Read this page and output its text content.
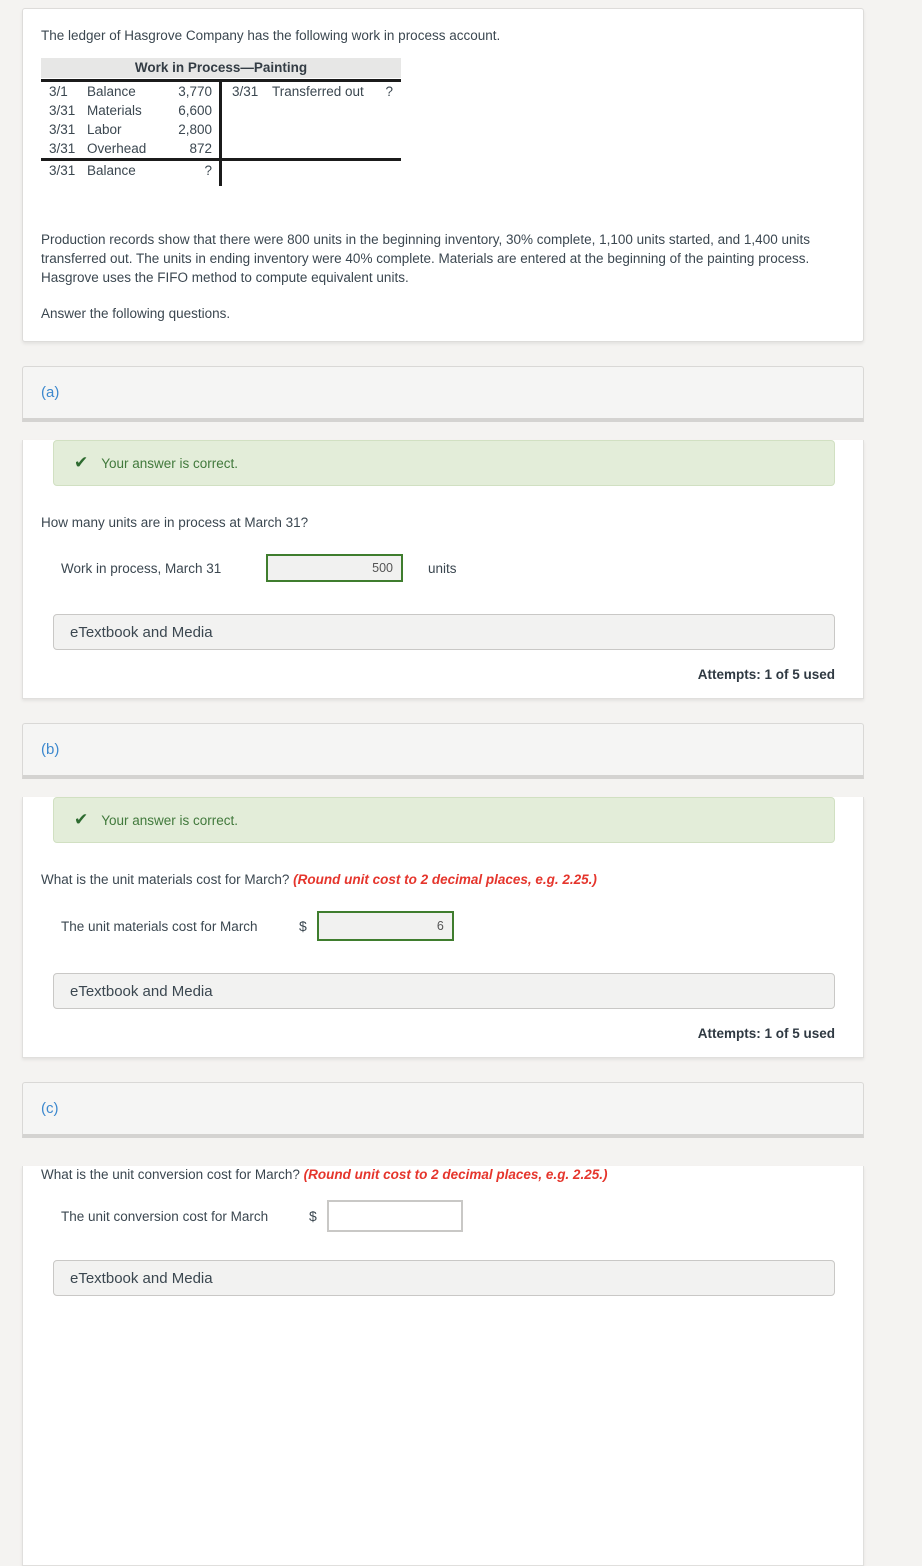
The ledger of Hasgrove Company has the following work in process account.

Work in Process—Painting
3/1	Balance	3,770
3/31 Materials	6,600
3/31 Labor	2,800
3/31 Overhead	872
3/31 Balance	?
3/31	Transferred out	?

Production records show that there were 800 units in the beginning inventory, 30% complete, 1,100 units started, and 1,400 units transferred out. The units in ending inventory were 40% complete. Materials are entered at the beginning of the painting process. Hasgrove uses the FIFO method to compute equivalent units.

Answer the following questions.

(a)
✔ Your answer is correct.

How many units are in process at March 31?

Work in process, March 31
500	units
eTextbook and Media
Attempts: 1 of 5 used
(b)
✔ Your answer is correct.

What is the unit materials cost for March? (Round unit cost to 2 decimal places, e.g. 2.25.)

The unit materials cost for March	$
6
eTextbook and Media
Attempts: 1 of 5 used
(c)

What is the unit conversion cost for March? (Round unit cost to 2 decimal places, e.g. 2.25.)

The unit conversion cost for March	$
eTextbook and Media
